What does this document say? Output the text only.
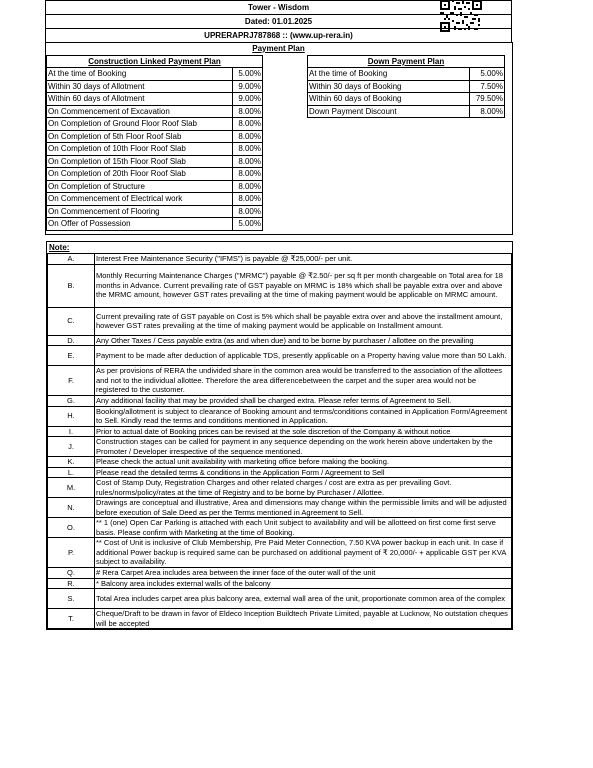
Tower - Wisdom
Dated: 01.01.2025
UPRERAPRJ787868 :: (www.up-rera.in)
Payment Plan
Construction Linked Payment Plan	
At the time of Booking	5.00%
Within 30 days of Allotment	9.00%
Within 60 days of Allotment	9.00%
On Commencement of Excavation	8.00%
On Completion of Ground Floor Roof Slab	8.00%
On Completion of 5th Floor Roof Slab	8.00%
On Completion of 10th Floor Roof Slab	8.00%
On Completion of 15th Floor Roof Slab	8.00%
On Completion of 20th Floor Roof Slab	8.00%
On Completion of Structure	8.00%
On Commencement of Electrical work	8.00%
On Commencement of Flooring	8.00%
On Offer of Possession	5.00%
Down Payment Plan	
At the time of Booking	5.00%
Within 30 days of Booking	7.50%
Within 60 days of Booking	79.50%
Down Payment Discount	8.00%
Note:
A.	Interest Free Maintenance Security ("IFMS") is payable @ ₹25,000/- per unit.
B.	Monthly Recurring Maintenance Charges ("MRMC") payable @ ₹2.50/- per sq ft per month chargeable on Total area for 18 months in Advance. Current prevailing rate of GST payable on MRMC is 18% which shall be payable extra over and above the MRMC amount, however GST rates prevailing at the time of making payment would be applicable on MRMC amount.
C.	Current prevailing rate of GST payable on Cost is 5% which shall be payable extra over and above the installment amount, however GST rates prevailing at the time of making payment would be applicable on Installment amount.
D.	Any Other Taxes / Cess payable extra (as and when due) and to be borne by purchaser / allottee on the prevailing
E.	Payment to be made after deduction of applicable TDS, presently applicable on a Property having value more than 50 Lakh.
F.	As per provisions of RERA the undivided share in the common area would be transferred to the association of the allottees and not to the individual allottee. Therefore the area differencebetween the carpet and the super area would not be registered to the customer.
G.	Any additional facility that may be provided shall be charged extra. Please refer terms of Agreement to Sell.
H.	Booking/allotment is subject to clearance of Booking amount and terms/conditions contained in Application Form/Agreement to Sell. Kindly read the terms and conditions mentioned in Application.
I.	Prior to actual date of Booking prices can be revised at the sole discretion of the Company & without notice
J.	Construction stages can be called for payment in any sequence depending on the work herein above undertaken by the Promoter / Developer irrespective of the sequence mentioned.
K.	Please check the actual unit availability with marketing office before making the booking.
L.	Please read the detailed terms & conditions in the Application Form / Agreement to Sell
M.	Cost of Stamp Duty, Registration Charges and other related charges / cost are extra as per prevailing Govt. rules/norms/policy/rates at the time of Registry and to be borne by Purchaser / Allottee.
N.	Drawings are conceptual and illustrative, Area and dimensions may change within the permissible limits and will be adjusted before execution of Sale Deed as per the Terms mentioned in Agreement to Sell.
O.	** 1 (one) Open Car Parking is attached with each Unit subject to availability and will be allotteed on first come first serve basis. Please confirm with Marketing at the time of Booking.
P.	** Cost of Unit is inclusive of Club Membership, Pre Paid Meter Connection, 7.50 KVA power backup in each unit. In case if additional Power backup is required same can be purchased on additional payment of ₹ 20,000/- + applicable GST per KVA subject to availability.
Q.	# Rera Carpet Area includes area between the inner face of the outer wall of the unit
R.	* Balcony area includes external walls of the balcony
S.	Total Area includes carpet area plus balcony area, external wall area of the unit, proportionate common area of the complex
T.	Cheque/Draft to be drawn in favor of Eldeco Inception Buildtech Private Limited, payable at Lucknow, No outstation cheques will be accepted
